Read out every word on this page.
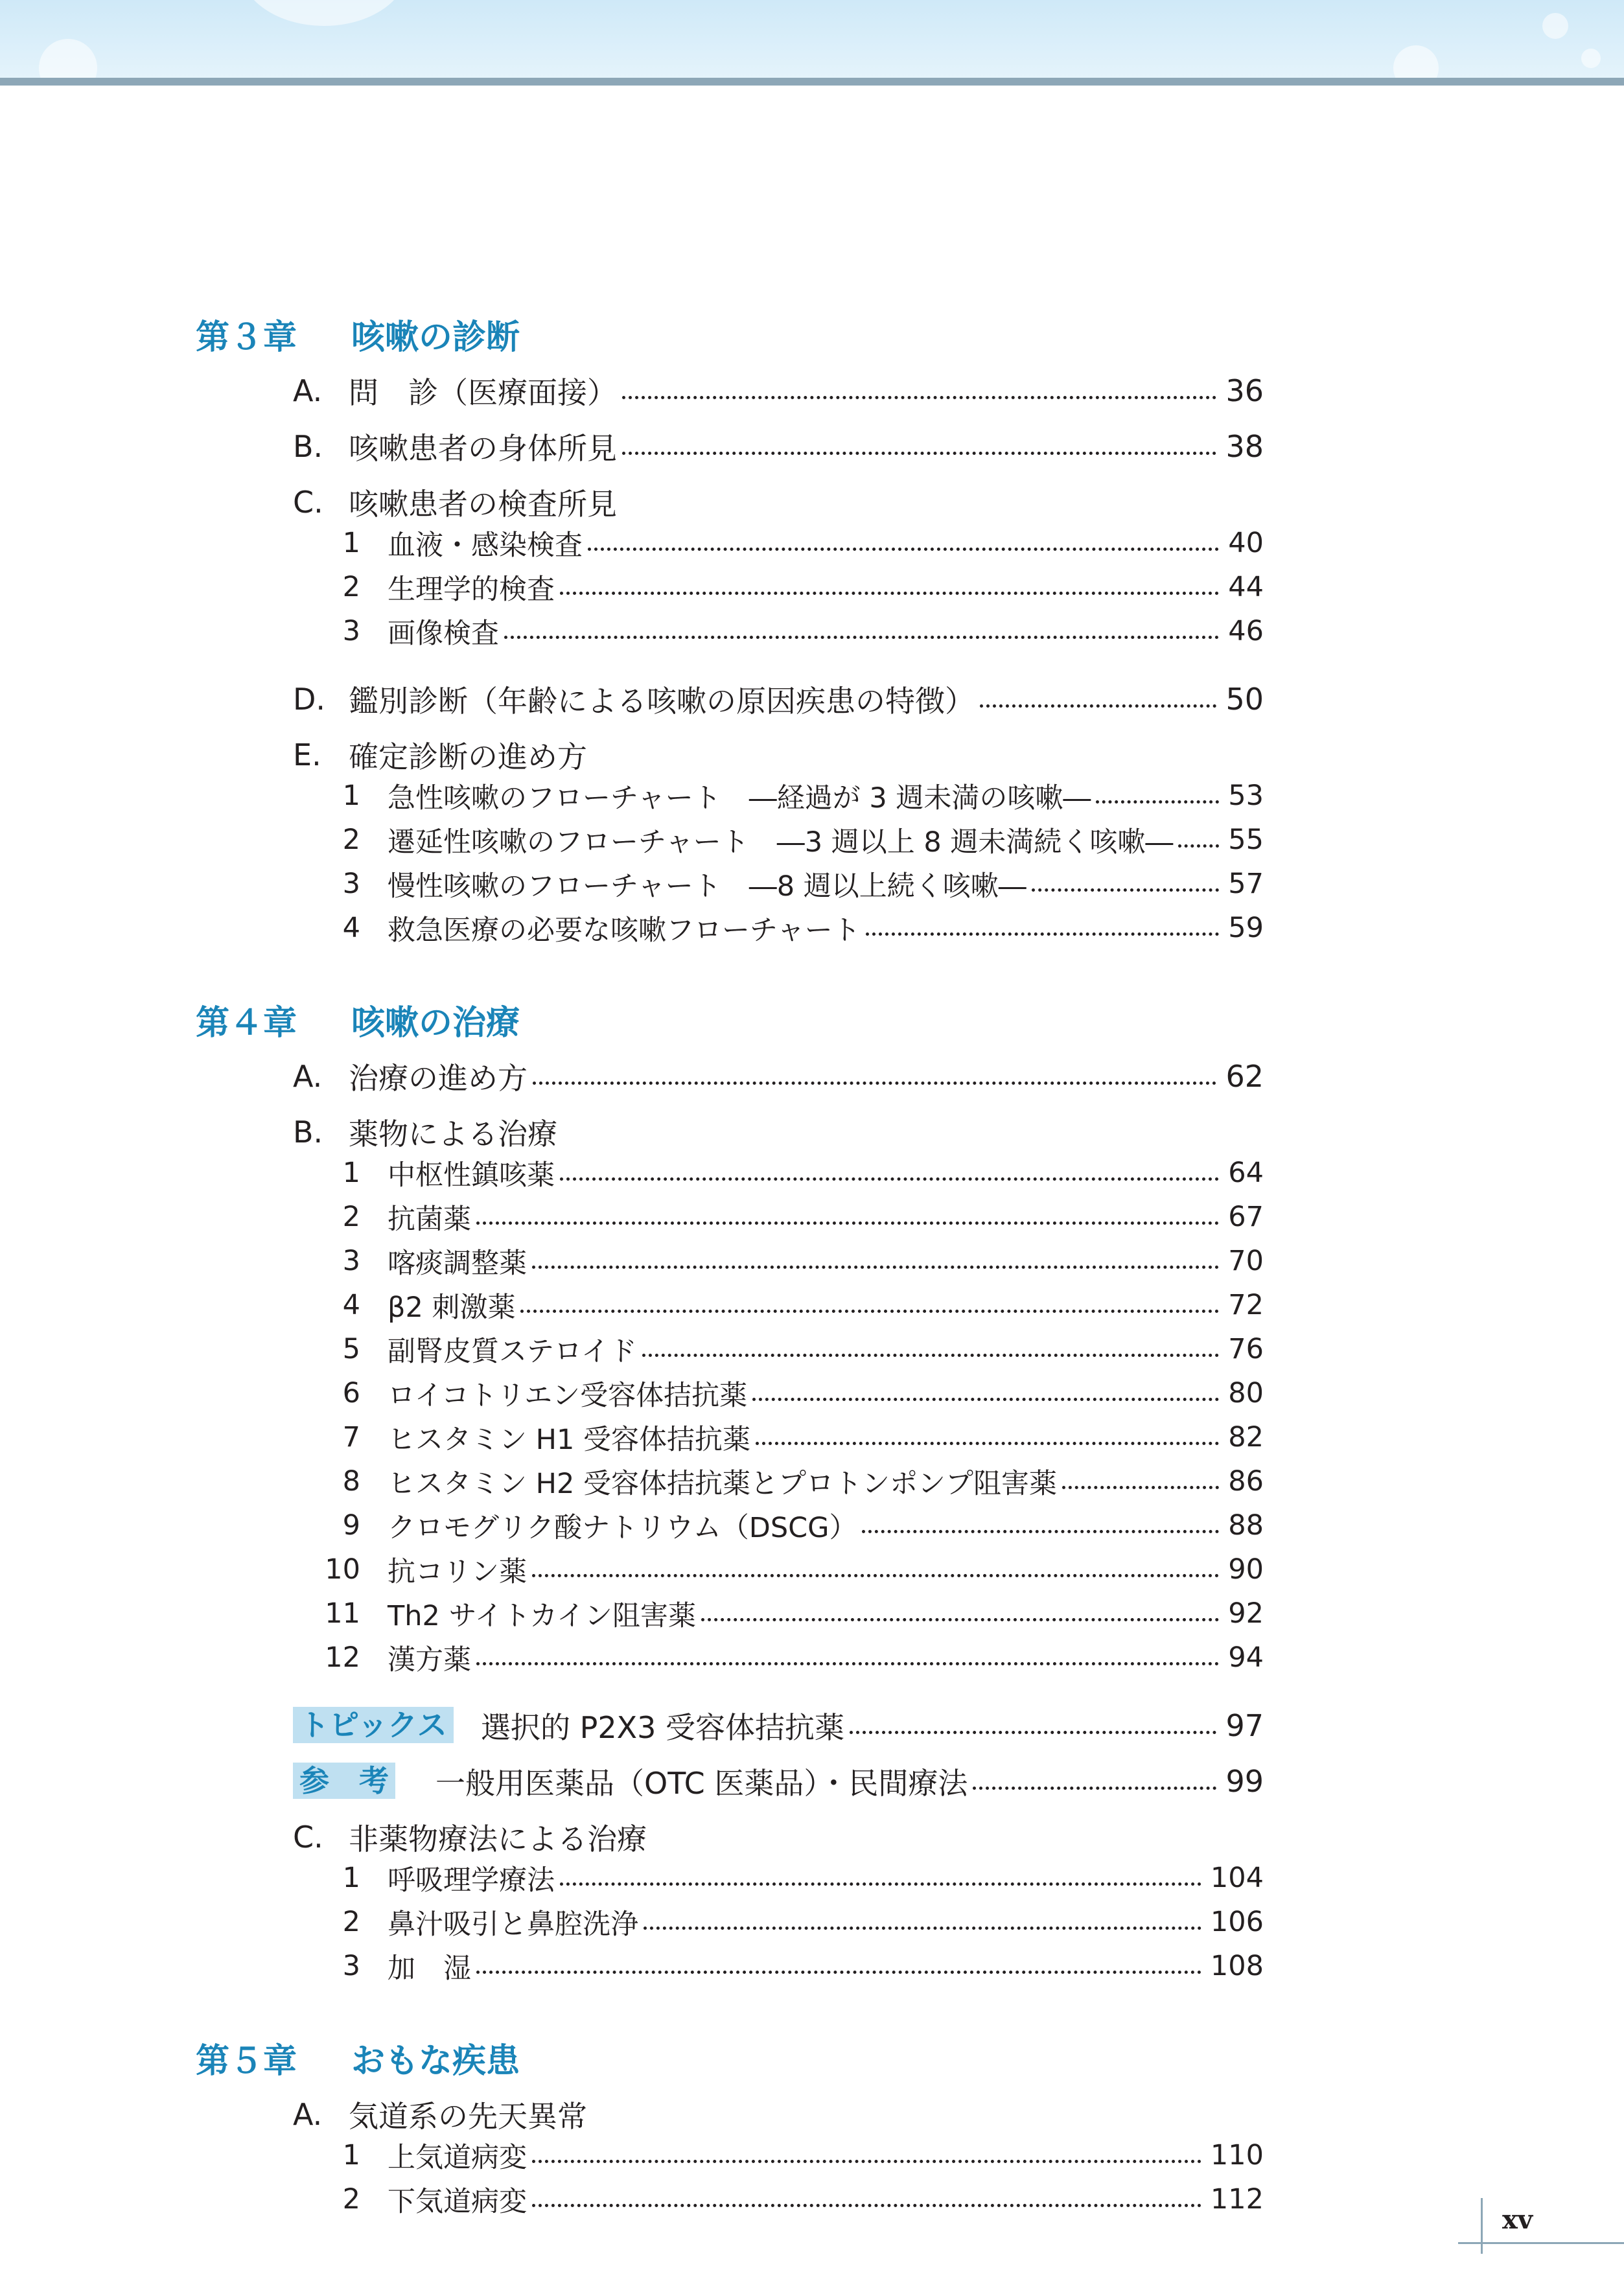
第３章 咳嗽の診断
A. 問　診（医療面接）	36
B. 咳嗽患者の身体所見	38
C. 咳嗽患者の検査所見
1 血液・感染検査	40
2 生理学的検査	44
3 画像検査	46
D. 鑑別診断（年齢による咳嗽の原因疾患の特徴）	50
E. 確定診断の進め方
1 急性咳嗽のフローチャート　―経過が 3 週未満の咳嗽―	53
2 遷延性咳嗽のフローチャート　―3 週以上 8 週未満続く咳嗽― 55
3 慢性咳嗽のフローチャート　―8 週以上続く咳嗽―	57
4 救急医療の必要な咳嗽フローチャート	59
第４章 咳嗽の治療
A. 治療の進め方	62
B. 薬物による治療
1 中枢性鎮咳薬	64
2 抗菌薬	67
3 喀痰調整薬	70
4 β2 刺激薬	72
5 副腎皮質ステロイド	76
6 ロイコトリエン受容体拮抗薬	80
7 ヒスタミン H1 受容体拮抗薬	82
8 ヒスタミン H2 受容体拮抗薬とプロトンポンプ阻害薬	86
9 クロモグリク酸ナトリウム（DSCG）	88
10 抗コリン薬	90
11 Th2 サイトカイン阻害薬	92
12 漢方薬	94
トピックス 選択的 P2X3 受容体拮抗薬	97
参　考 一般用医薬品（OTC 医薬品）・民間療法	99
C. 非薬物療法による治療
1 呼吸理学療法	104
2 鼻汁吸引と鼻腔洗浄	106
3 加　湿	108
第５章 おもな疾患
A. 気道系の先天異常
1 上気道病変	110
2 下気道病変	112
xv
